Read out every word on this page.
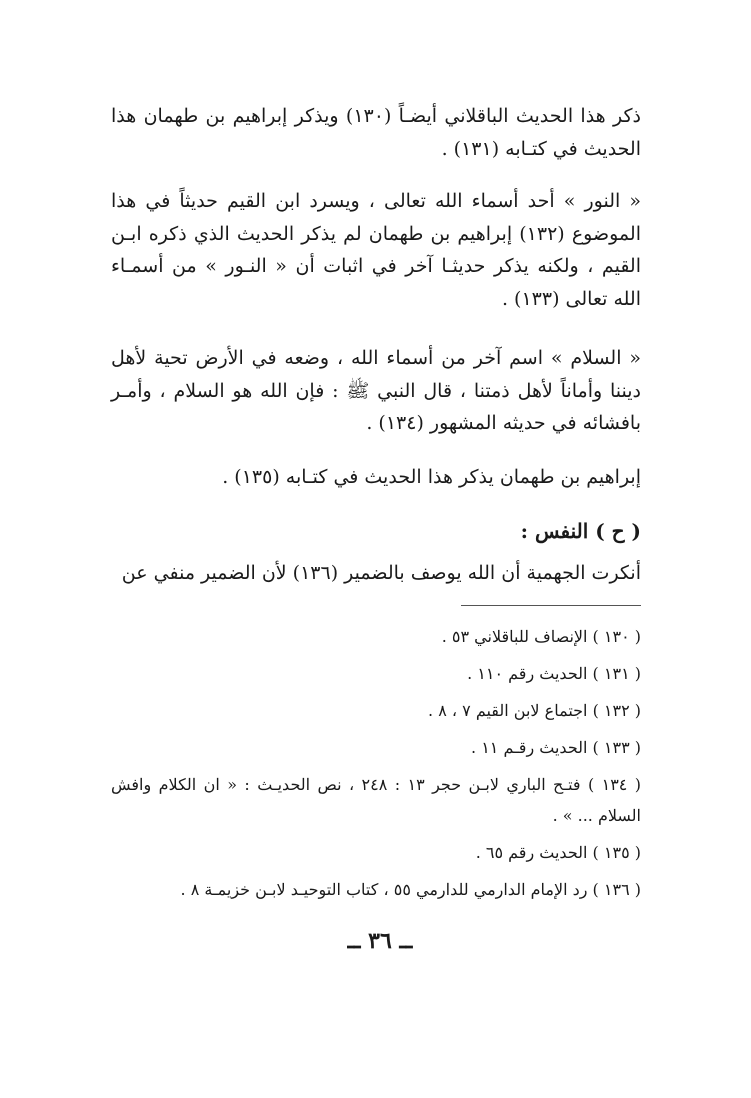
ذكر هذا الحديث الباقلاني أيضـاً (١٣٠) ويذكر إبراهيم بن طهمان هذا الحديث في كتـابه (١٣١) .

« النور » أحد أسماء الله تعالى ، ويسرد ابن القيم حديثاً في هذا الموضوع (١٣٢) إبراهيم بن طهمان لم يذكر الحديث الذي ذكره ابـن القيم ، ولكنه يذكر حديثـا آخر في اثبات أن « النـور » من أسمـاء الله تعالى (١٣٣) .

« السلام » اسم آخر من أسماء الله ، وضعه في الأرض تحية لأهل ديننا وأماناً لأهل ذمتنا ، قال النبي ﷺ : فإن الله هو السلام ، وأمـر بافشائه في حديثه المشهور (١٣٤) .

إبراهيم بن طهمان يذكر هذا الحديث في كتـابه (١٣٥) .

( ح ) النفس :

أنكرت الجهمية أن الله يوصف بالضمير (١٣٦) لأن الضمير منفي عن

( ١٣٠ ) الإنصاف للباقلاني ٥٣ .

( ١٣١ ) الحديث رقم ١١٠ .

( ١٣٢ ) اجتماع لابن القيم ٧ ، ٨ .

( ١٣٣ ) الحديث رقـم ١١ .

( ١٣٤ ) فتـح الباري لابـن حجر ١٣ : ٢٤٨ ، نص الحديـث : « ان الكلام وافش السلام ... » .

( ١٣٥ ) الحديث رقم ٦٥ .

( ١٣٦ ) رد الإمام الدارمي للدارمي ٥٥ ، كتاب التوحيـد لابـن خزيمـة ٨ .

ــ ٣٦ ــ
